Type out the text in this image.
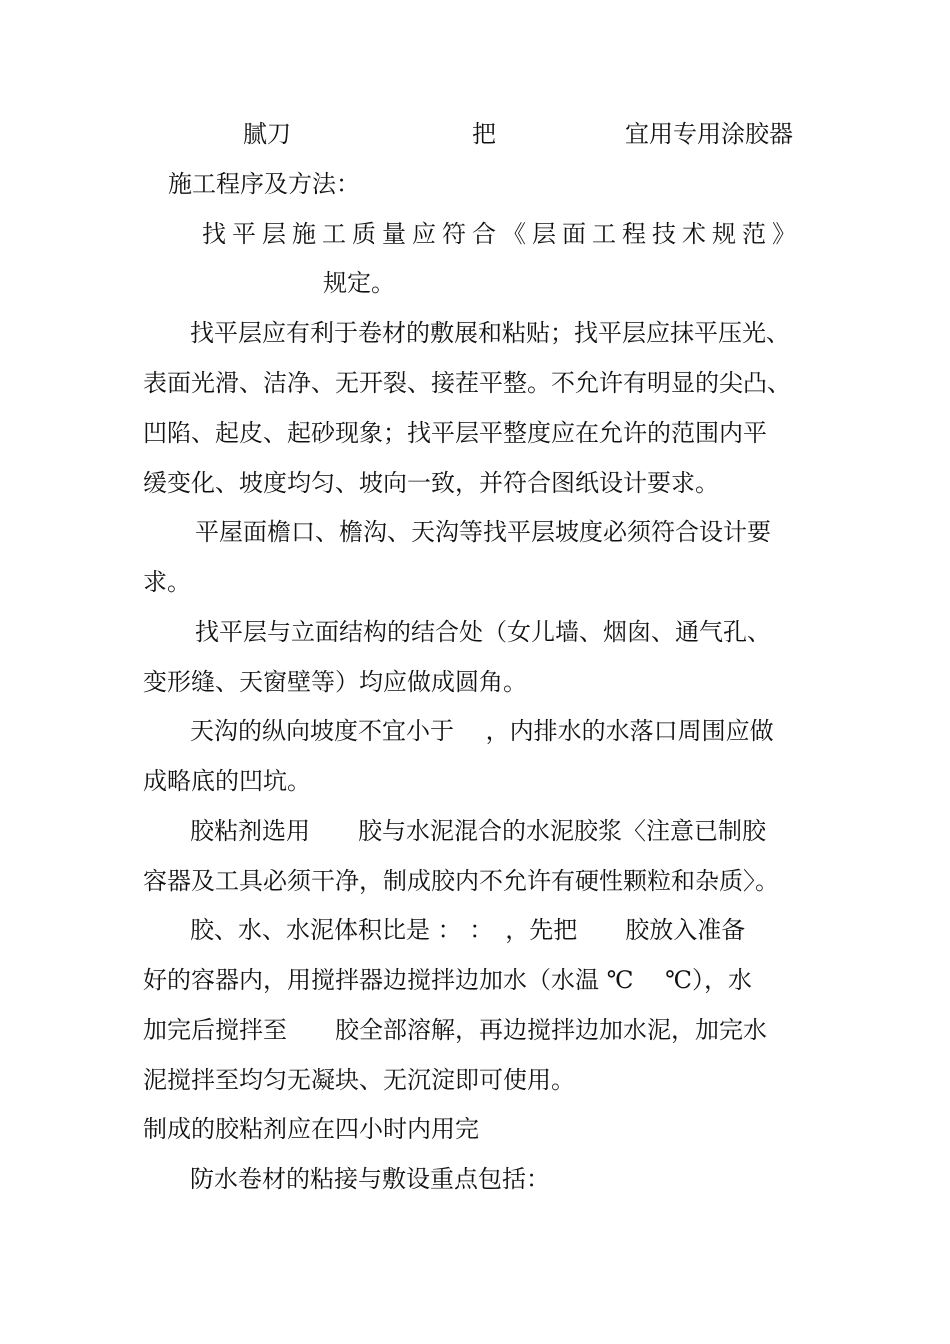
腻刀	把	宜用专用涂胶器
施工程序及方法：
找平层施工质量应符合《层面工程技术规范》
规定。
找平层应有利于卷材的敷展和粘贴；找平层应抹平压光、
表面光滑、洁净、无开裂、接茬平整。不允许有明显的尖凸、
凹陷、起皮、起砂现象；找平层平整度应在允许的范围内平
缓变化、坡度均匀、坡向一致，并符合图纸设计要求。
平屋面檐口、檐沟、天沟等找平层坡度必须符合设计要
求。
找平层与立面结构的结合处（女儿墙、烟囱、通气孔、
变形缝、天窗壁等）均应做成圆角。
天沟的纵向坡度不宜小于　 ，内排水的水落口周围应做
成略底的凹坑。
胶粘剂选用　　胶与水泥混合的水泥胶浆〈注意已制胶
容器及工具必须干净，制成胶内不允许有硬性颗粒和杂质〉。
胶、水、水泥体积比是 ： ：　，先把　　胶放入准备
好的容器内，用搅拌器边搅拌边加水（水温 ℃　 ℃），水
加完后搅拌至　　胶全部溶解，再边搅拌边加水泥，加完水
泥搅拌至均匀无凝块、无沉淀即可使用。
制成的胶粘剂应在四小时内用完
防水卷材的粘接与敷设重点包括：
